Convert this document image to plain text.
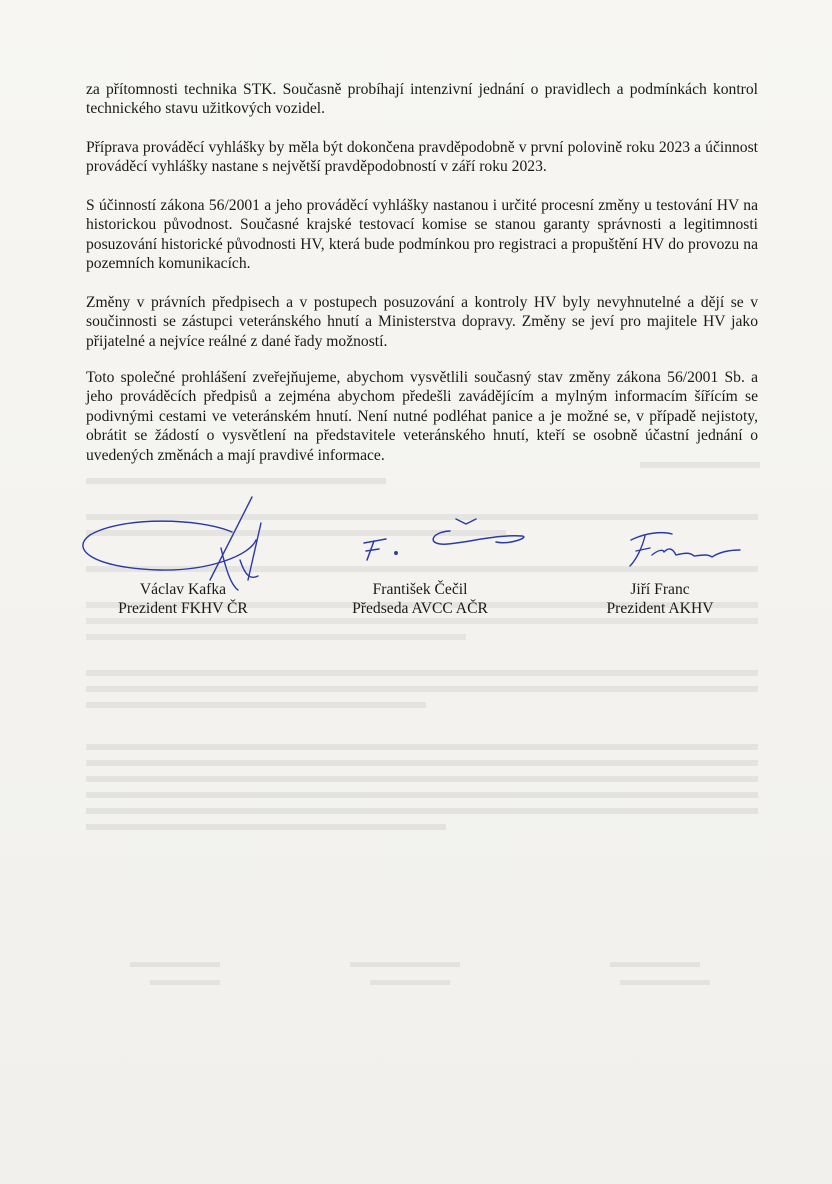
za přítomnosti technika STK. Současně probíhají intenzivní jednání o pravidlech a podmínkách kontrol technického stavu užitkových vozidel.

Příprava prováděcí vyhlášky by měla být dokončena pravděpodobně v první polovině roku 2023 a účinnost prováděcí vyhlášky nastane s největší pravděpodobností v září roku 2023.

S účinností zákona 56/2001 a jeho prováděcí vyhlášky nastanou i určité procesní změny u testování HV na historickou původnost. Současné krajské testovací komise se stanou garanty správnosti a legitimnosti posuzování historické původnosti HV, která bude podmínkou pro registraci a propuštění HV do provozu na pozemních komunikacích.

Změny v právních předpisech a v postupech posuzování a kontroly HV byly nevyhnutelné a dějí se v součinnosti se zástupci veteránského hnutí a Ministerstva dopravy. Změny se jeví pro majitele HV jako přijatelné a nejvíce reálné z dané řady možností.

Toto společné prohlášení zveřejňujeme, abychom vysvětlili současný stav změny zákona 56/2001 Sb. a jeho prováděcích předpisů a zejména abychom předešli zavádějícím a mylným informacím šířícím se podivnými cestami ve veteránském hnutí. Není nutné podléhat panice a je možné se, v případě nejistoty, obrátit se žádostí o vysvětlení na představitele veteránského hnutí, kteří se osobně účastní jednání o uvedených změnách a mají pravdivé informace.

Václav Kafka
Prezident FKHV ČR
František Čečil
Předseda AVCC AČR
Jiří Franc
Prezident AKHV
